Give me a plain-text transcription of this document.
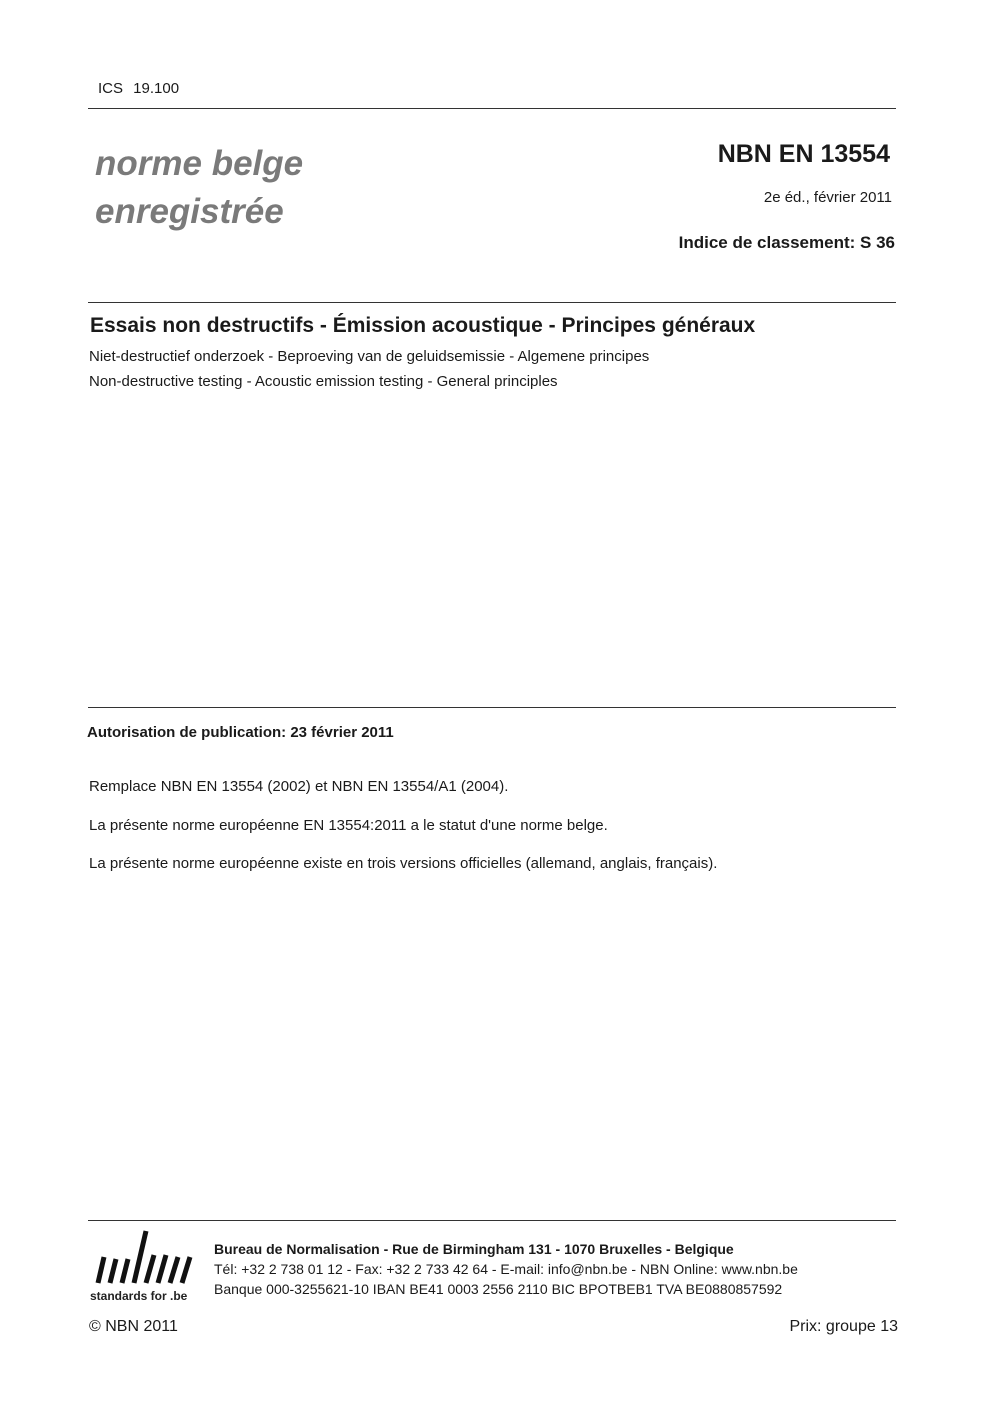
ICS 19.100
norme belge
enregistrée
NBN EN 13554
2e éd., février 2011
Indice de classement: S 36
Essais non destructifs - Émission acoustique - Principes généraux
Niet-destructief onderzoek - Beproeving van de geluidsemissie - Algemene principes
Non-destructive testing - Acoustic emission testing - General principles
Autorisation de publication: 23 février 2011
Remplace NBN EN 13554 (2002) et NBN EN 13554/A1 (2004).
La présente norme européenne EN 13554:2011 a le statut d'une norme belge.
La présente norme européenne existe en trois versions officielles (allemand, anglais, français).
standards for .be
Bureau de Normalisation - Rue de Birmingham 131 - 1070 Bruxelles - Belgique
Tél: +32 2 738 01 12 - Fax: +32 2 733 42 64 - E-mail: info@nbn.be - NBN Online: www.nbn.be
Banque 000-3255621-10 IBAN BE41 0003 2556 2110 BIC BPOTBEB1 TVA BE0880857592
© NBN 2011	Prix: groupe 13
